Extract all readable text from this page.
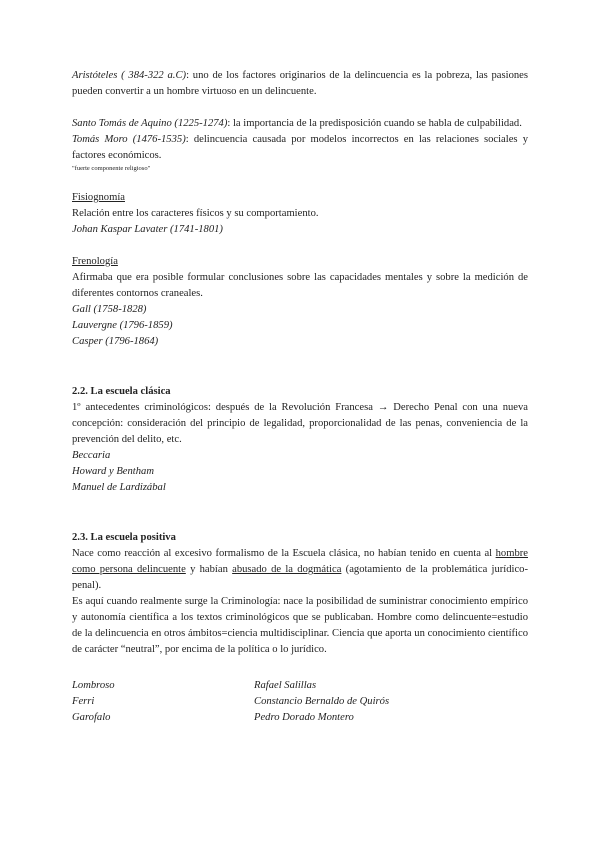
Aristóteles ( 384-322 a.C): uno de los factores originarios de la delincuencia es la pobreza, las pasiones pueden convertir a un hombre virtuoso en un delincuente.

Santo Tomás de Aquino (1225-1274): la importancia de la predisposición cuando se habla de culpabilidad.

Tomás Moro (1476-1535): delincuencia causada por modelos incorrectos en las relaciones sociales y factores económicos.

"fuerte componente religioso"

Fisiognomía

Relación entre los caracteres físicos y su comportamiento.

Johan Kaspar Lavater (1741-1801)

Frenología

Afirmaba que era posible formular conclusiones sobre las capacidades mentales y sobre la medición de diferentes contornos craneales.

Gall (1758-1828)

Lauvergne (1796-1859)

Casper (1796-1864)

2.2. La escuela clásica

1º antecedentes criminológicos: después de la Revolución Francesa → Derecho Penal con una nueva concepción: consideración del principio de legalidad, proporcionalidad de las penas, conveniencia de la prevención del delito, etc.

Beccaria

Howard y Bentham

Manuel de Lardizábal

2.3. La escuela positiva

Nace como reacción al excesivo formalismo de la Escuela clásica, no habían tenido en cuenta al hombre como persona delincuente y habían abusado de la dogmática (agotamiento de la problemática jurídico-penal).

Es aquí cuando realmente surge la Criminología: nace la posibilidad de suministrar conocimiento empírico y autonomía científica a los textos criminológicos que se publicaban. Hombre como delincuente=estudio de la delincuencia en otros ámbitos=ciencia multidisciplinar. Ciencia que aporta un conocimiento científico de carácter “neutral”, por encima de la política o lo jurídico.

Lombroso

Ferri

Garofalo

Rafael Salillas

Constancio Bernaldo de Quirós

Pedro Dorado Montero
